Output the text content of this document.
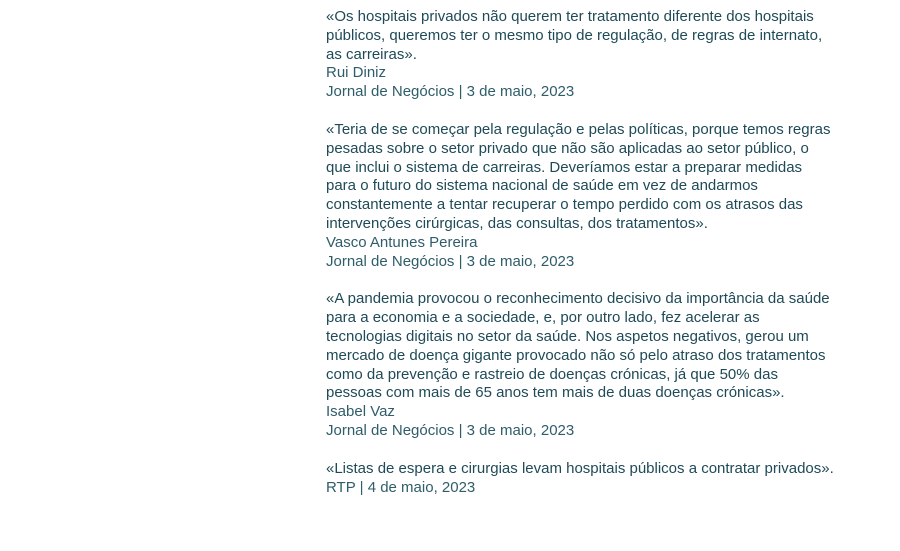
«Os hospitais privados não querem ter tratamento diferente dos hospitais públicos, queremos ter o mesmo tipo de regulação, de regras de internato, as carreiras».

Rui Diniz

Jornal de Negócios | 3 de maio, 2023

«Teria de se começar pela regulação e pelas políticas, porque temos regras pesadas sobre o setor privado que não são aplicadas ao setor público, o que inclui o sistema de carreiras. Deveríamos estar a preparar medidas para o futuro do sistema nacional de saúde em vez de andarmos constantemente a tentar recuperar o tempo perdido com os atrasos das intervenções cirúrgicas, das consultas, dos tratamentos».

Vasco Antunes Pereira

Jornal de Negócios | 3 de maio, 2023

«A pandemia provocou o reconhecimento decisivo da importância da saúde para a economia e a sociedade, e, por outro lado, fez acelerar as tecnologias digitais no setor da saúde. Nos aspetos negativos, gerou um mercado de doença gigante provocado não só pelo atraso dos tratamentos como da prevenção e rastreio de doenças crónicas, já que 50% das pessoas com mais de 65 anos tem mais de duas doenças crónicas».

Isabel Vaz

Jornal de Negócios | 3 de maio, 2023

«Listas de espera e cirurgias levam hospitais públicos a contratar privados».

RTP | 4 de maio, 2023
